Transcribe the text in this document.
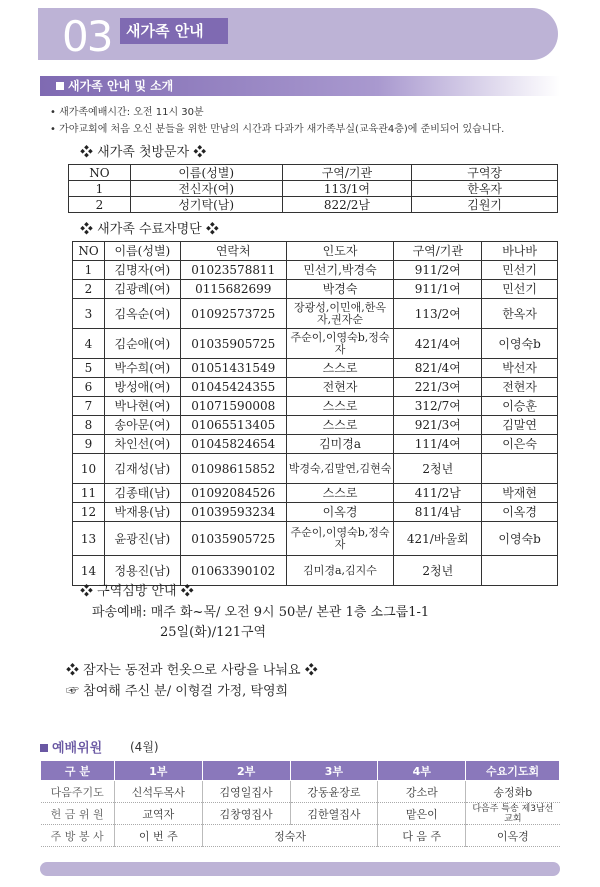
03 새가족 안내
새가족 안내 및 소개
• 새가족예배시간: 오전 11시 30분
• 가야교회에 처음 오신 분들을 위한 만남의 시간과 다과가 새가족부실(교육관4층)에 준비되어 있습니다.
❖ 새가족 첫방문자 ❖
NO	이름(성별)	구역/기관	구역장
1	전신자(여)	113/1여	한옥자
2	성기탁(남)	822/2남	김원기
❖ 새가족 수료자명단 ❖
NO	이름(성별)	연락처	인도자	구역/기관	바나바
1	김명자(여)	01023578811	민선기,박경숙	911/2여	민선기
2	김광례(여)	0115682699	박경숙	911/1여	민선기
3	김옥순(여)	01092573725	장광성,이민애,한옥자,권자순	113/2여	한옥자
4	김순애(여)	01035905725	주순이,이영숙b,정숙자	421/4여	이영숙b
5	박수희(여)	01051431549	스스로	821/4여	박선자
6	방성애(여)	01045424355	전현자	221/3여	전현자
7	박나현(여)	01071590008	스스로	312/7여	이승훈
8	송아문(여)	01065513405	스스로	921/3여	김말연
9	차인선(여)	01045824654	김미경a	111/4여	이은숙
10	김재성(남)	01098615852	박경숙,김말연,김현숙	2청년	
11	김종태(남)	01092084526	스스로	411/2남	박재현
12	박재용(남)	01039593234	이옥경	811/4남	이옥경
13	윤광진(남)	01035905725	주순이,이영숙b,정숙자	421/바울회	이영숙b
14	정용진(남)	01063390102	김미경a,김지수	2청년	
❖ 구역심방 안내 ❖
파송예배: 매주 화~목/ 오전 9시 50분/ 본관 1층 소그룹1-1
25일(화)/121구역
❖ 잠자는 동전과 헌옷으로 사랑을 나눠요 ❖
☞ 참여해 주신 분/ 이형걸 가정, 탁영희
예배위원 (4월)
구 분	1부	2부	3부	4부	수요기도회
다음주기도	신석두목사	김영일집사	강동윤장로	강소라	송정화b
헌 금 위 원	교역자	김창영집사	김한열집사	맡은이	다음주 특송 제3남선교회
주 방 봉 사	이 번 주	정숙자		다 음 주	이옥경
